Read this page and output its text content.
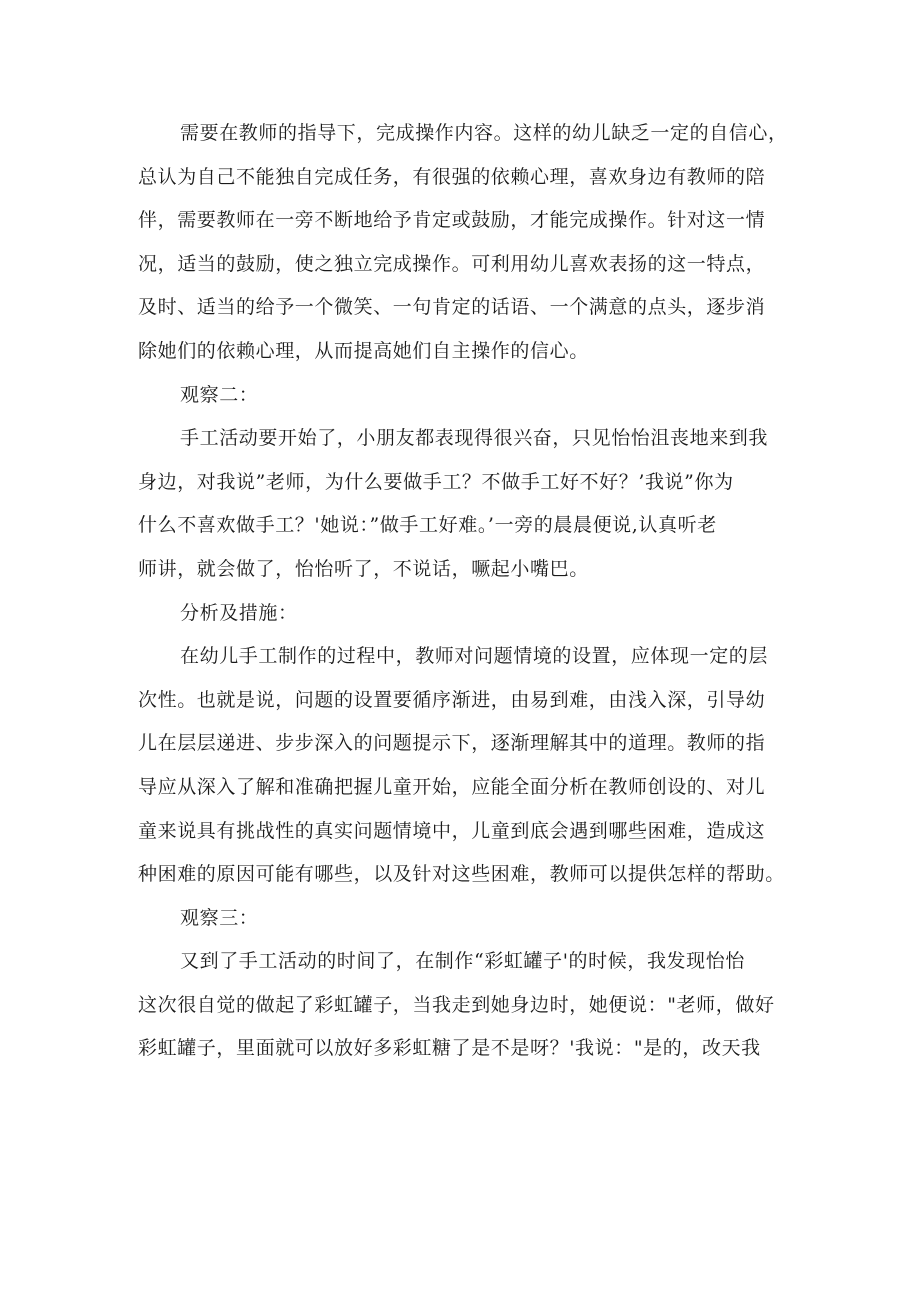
需要在教师的指导下，完成操作内容。这样的幼儿缺乏一定的自信心，
总认为自己不能独自完成任务，有很强的依赖心理，喜欢身边有教师的陪
伴，需要教师在一旁不断地给予肯定或鼓励，才能完成操作。针对这一情
况，适当的鼓励，使之独立完成操作。可利用幼儿喜欢表扬的这一特点，
及时、适当的给予一个微笑、一句肯定的话语、一个满意的点头，逐步消
除她们的依赖心理，从而提高她们自主操作的信心。

观察二：

手工活动要开始了，小朋友都表现得很兴奋，只见怡怡沮丧地来到我
身边，对我说”老师，为什么要做手工？不做手工好不好？’我说”你为
什么不喜欢做手工？'她说：”做手工好难。’一旁的晨晨便说,认真听老
师讲，就会做了，怡怡听了，不说话，噘起小嘴巴。

分析及措施：

在幼儿手工制作的过程中，教师对问题情境的设置，应体现一定的层
次性。也就是说，问题的设置要循序渐进，由易到难，由浅入深，引导幼
儿在层层递进、步步深入的问题提示下，逐渐理解其中的道理。教师的指
导应从深入了解和准确把握儿童开始，应能全面分析在教师创设的、对儿
童来说具有挑战性的真实问题情境中，儿童到底会遇到哪些困难，造成这
种困难的原因可能有哪些，以及针对这些困难，教师可以提供怎样的帮助。

观察三：

又到了手工活动的时间了，在制作“彩虹罐子'的时候，我发现怡怡
这次很自觉的做起了彩虹罐子，当我走到她身边时，她便说："老师，做好
彩虹罐子，里面就可以放好多彩虹糖了是不是呀？'我说："是的，改天我
